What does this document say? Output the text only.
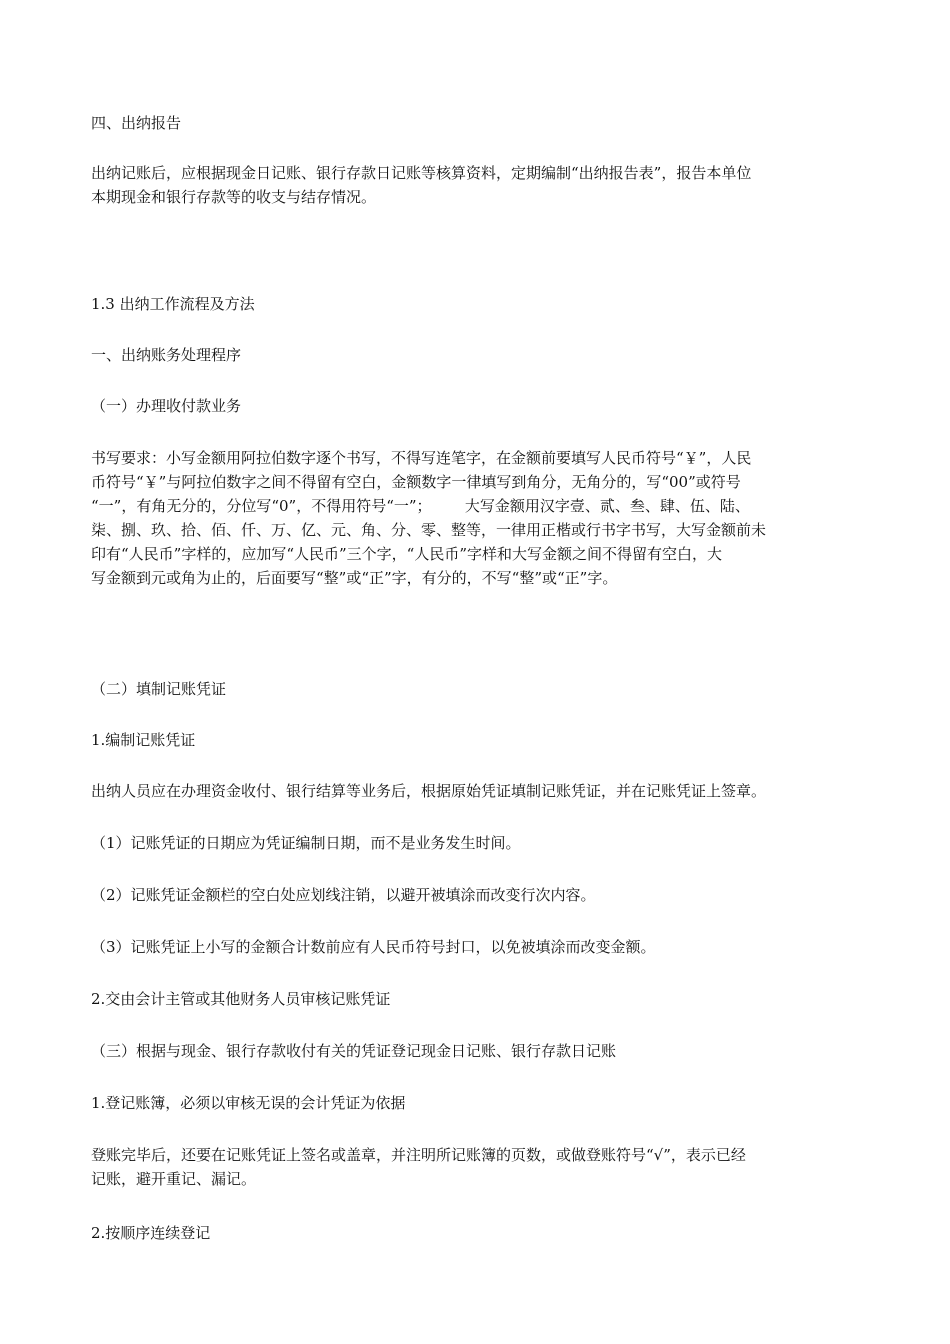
四、出纳报告

出纳记账后，应根据现金日记账、银行存款日记账等核算资料，定期编制“出纳报告表”，报告本单位
本期现金和银行存款等的收支与结存情况。

1.3 出纳工作流程及方法

一、出纳账务处理程序

（一）办理收付款业务

书写要求：小写金额用阿拉伯数字逐个书写，不得写连笔字，在金额前要填写人民币符号“￥”，人民
币符号“￥”与阿拉伯数字之间不得留有空白，金额数字一律填写到角分，无角分的，写“00”或符号
“一”，有角无分的，分位写“0”，不得用符号“一”；       大写金额用汉字壹、贰、叁、肆、伍、陆、
柒、捌、玖、拾、佰、仟、万、亿、元、角、分、零、整等，一律用正楷或行书字书写，大写金额前未
印有“人民币”字样的，应加写“人民币”三个字，“人民币”字样和大写金额之间不得留有空白，大
写金额到元或角为止的，后面要写“整”或“正”字，有分的，不写“整”或“正”字。

（二）填制记账凭证

1.编制记账凭证

出纳人员应在办理资金收付、银行结算等业务后，根据原始凭证填制记账凭证，并在记账凭证上签章。

（1）记账凭证的日期应为凭证编制日期，而不是业务发生时间。

（2）记账凭证金额栏的空白处应划线注销，以避开被填涂而改变行次内容。

（3）记账凭证上小写的金额合计数前应有人民币符号封口，以免被填涂而改变金额。

2.交由会计主管或其他财务人员审核记账凭证

（三）根据与现金、银行存款收付有关的凭证登记现金日记账、银行存款日记账

1.登记账簿，必须以审核无误的会计凭证为依据

登账完毕后，还要在记账凭证上签名或盖章，并注明所记账簿的页数，或做登账符号“√”，表示已经
记账，避开重记、漏记。

2.按顺序连续登记
